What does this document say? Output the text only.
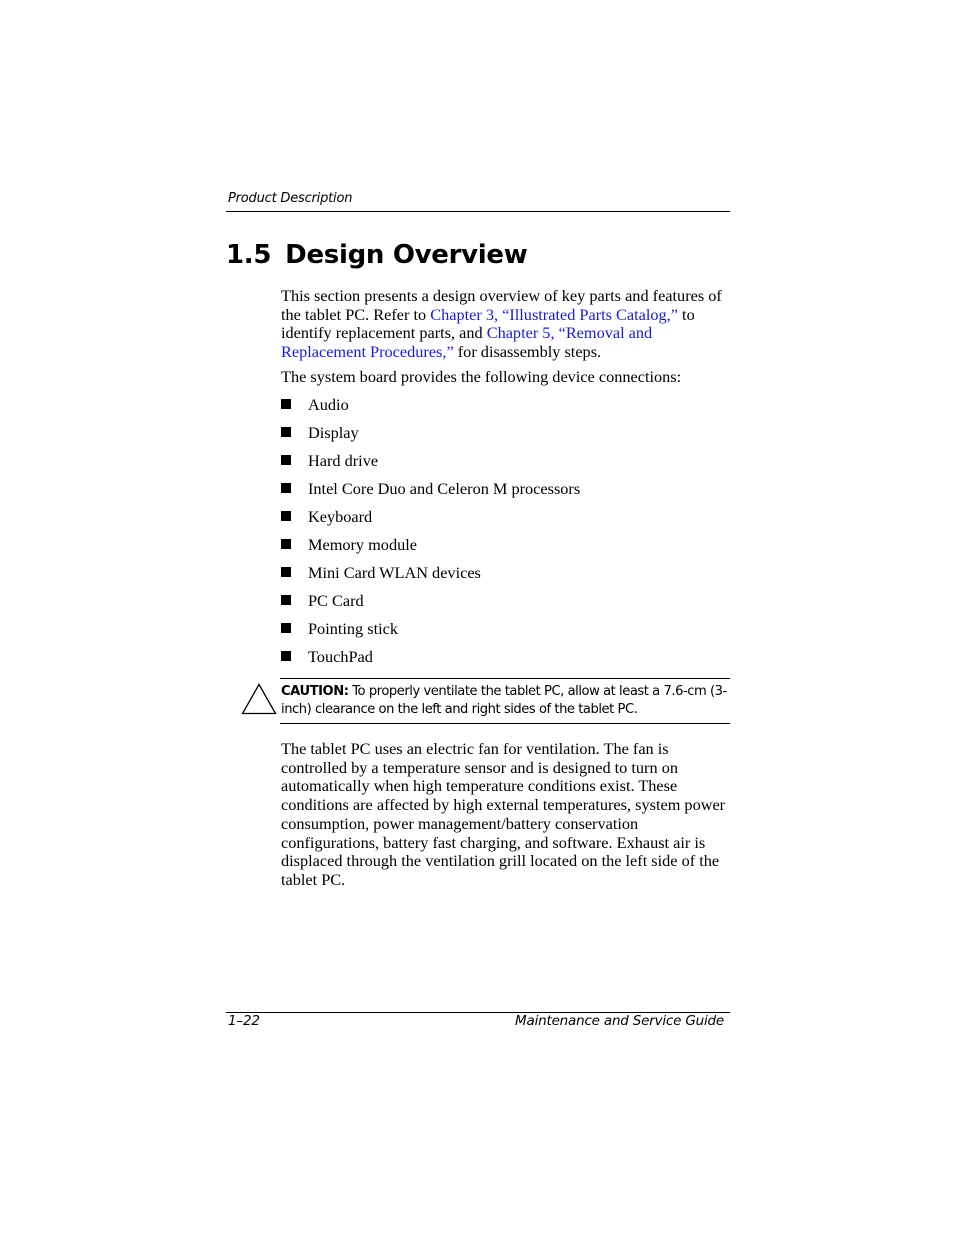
Product Description
1.5 Design Overview
This section presents a design overview of key parts and features of the tablet PC. Refer to Chapter 3, “Illustrated Parts Catalog,” to identify replacement parts, and Chapter 5, “Removal and Replacement Procedures,” for disassembly steps.
The system board provides the following device connections:
Audio
Display
Hard drive
Intel Core Duo and Celeron M processors
Keyboard
Memory module
Mini Card WLAN devices
PC Card
Pointing stick
TouchPad
CAUTION: To properly ventilate the tablet PC, allow at least a 7.6-cm (3-inch) clearance on the left and right sides of the tablet PC.
The tablet PC uses an electric fan for ventilation. The fan is controlled by a temperature sensor and is designed to turn on automatically when high temperature conditions exist. These conditions are affected by high external temperatures, system power consumption, power management/battery conservation configurations, battery fast charging, and software. Exhaust air is displaced through the ventilation grill located on the left side of the tablet PC.
1–22	Maintenance and Service Guide
